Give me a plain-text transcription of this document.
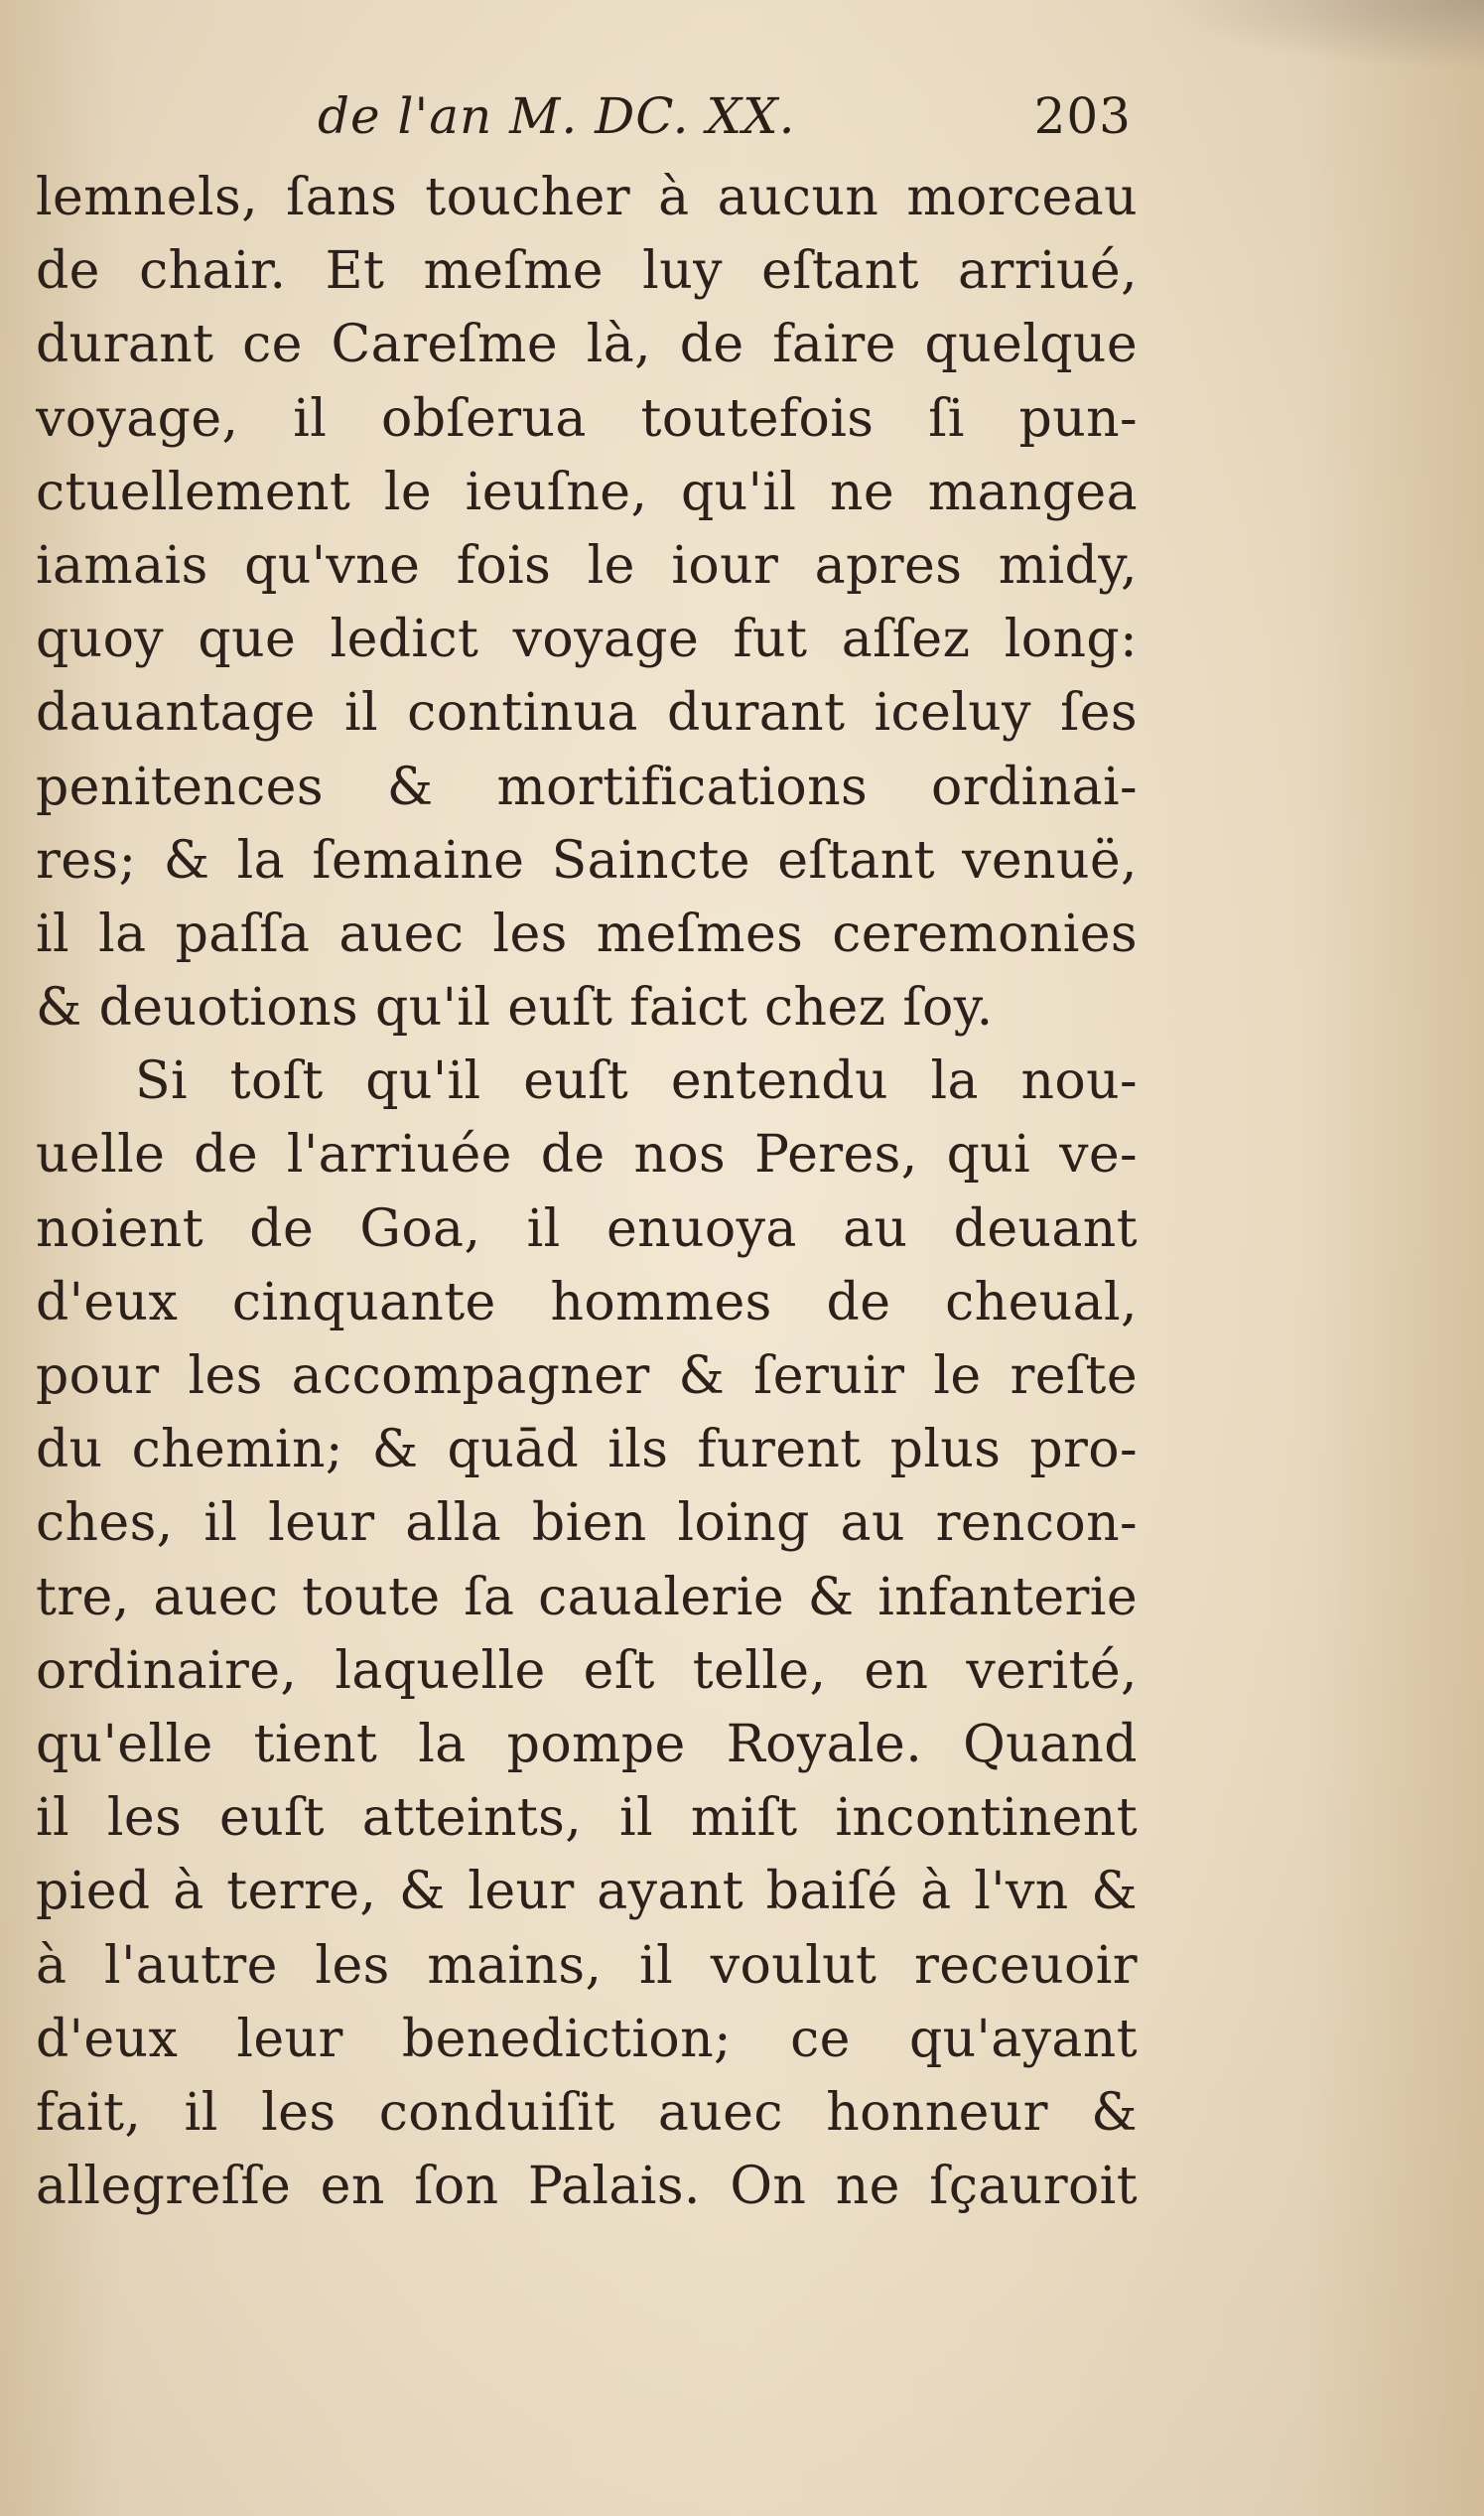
de l'an M. DC. XX.	203
lemnels, ſans toucher à aucun morceau
de chair. Et meſme luy eſtant arriué,
durant ce Careſme là, de faire quelque
voyage, il obſerua toutefois ſi pun-
ctuellement le ieuſne, qu'il ne mangea
iamais qu'vne fois le iour apres midy,
quoy que ledict voyage fut aſſez long:
dauantage il continua durant iceluy ſes
penitences & mortifications ordinai-
res; & la ſemaine Saincte eſtant venuë,
il la paſſa auec les meſmes ceremonies
& deuotions qu'il euſt faict chez ſoy.
Si toſt qu'il euſt entendu la nou-
uelle de l'arriuée de nos Peres, qui ve-
noient de Goa, il enuoya au deuant
d'eux cinquante hommes de cheual,
pour les accompagner & ſeruir le reſte
du chemin; & quād ils furent plus pro-
ches, il leur alla bien loing au rencon-
tre, auec toute ſa caualerie & infanterie
ordinaire, laquelle eſt telle, en verité,
qu'elle tient la pompe Royale. Quand
il les euſt atteints, il miſt incontinent
pied à terre, & leur ayant baiſé à l'vn &
à l'autre les mains, il voulut receuoir
d'eux leur benediction; ce qu'ayant
fait, il les conduiſit auec honneur &
allegreſſe en ſon Palais. On ne ſçauroit
